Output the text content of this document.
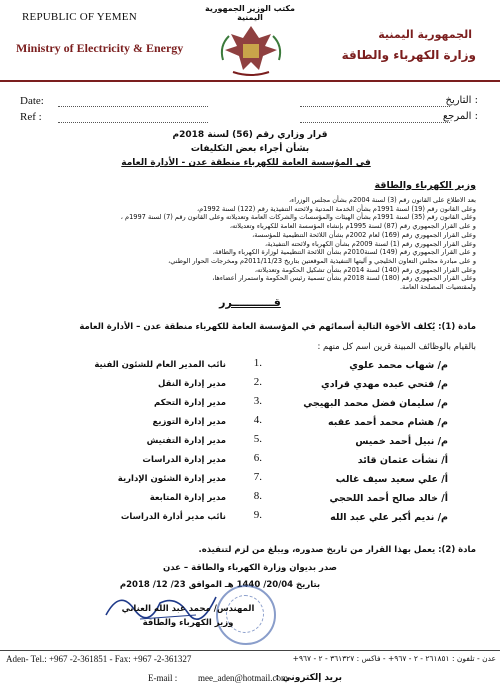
REPUBLIC OF YEMEN
Ministry of Electricity & Energy
مكتب الوزير الجمهورية اليمنية
الجمهورية اليمنية
وزارة الكهرباء والطاقة
Date:	: التاريخ
Ref :	: المرجع
قرار وزاري رقم (56) لسنة 2018م
بشأن أجراء بعض التكليفات
في المؤسسة العامة للكهرباء منطقة عدن - الأدارة العامة
وزير الكهرباء والطاقة
بعد الاطلاع على القانون رقم (3) لسنة 2004م بشأن مجلس الوزراء،
وعلى القانون رقم (19) لسنة 1991م بشأن الخدمة المدنية ولائحته التنفيذية رقم (122) لسنة 1992م،
وعلى القانون رقم (35) لسنة 1991م بشأن الهيئات والمؤسسات والشركات العامة وتعديلاته وعلى القانون رقم (7) لسنة 1997م ،
و على القرار الجمهوري رقم (87) لسنة 1995م بإنشاء المؤسسة العامة للكهرباء وتعديلاته،
وعلى القرار الجمهوري رقم (169) لعام 2002م بشأن اللائحة التنظيمية للمؤسسة،
وعلى القرار الجمهوري رقم (1) لسنة 2009م بشأن الكهرباء ولائحته التنفيذية،
و على القرار الجمهوري رقم (149) لسنة2010م بشأن اللائحة التنظيمية لوزارة الكهرباء والطاقة،
و على مبادرة مجلس التعاون الخليجي و آليتها التنفيذية الموقعتين بتاريخ 2011/11/23م ومخرجات الحوار الوطني،
وعلى القرار الجمهوري رقم (140) لسنة 2014م بشأن تشكيل الحكومة وتعديلاته،
وعلى القرار الجمهوري رقم (180) لسنة 2018م بشأن تسمية رئيس الحكومة واستمرار أعضاءها،
ولمقتضيات المصلحة العامة.
قـــــــــــرر
مادة (1): يُكلف الأخوة التالية أسمائهم في المؤسسة العامة للكهرباء منطقة عدن – الأدارة العامة
بالقيام بالوظائف المبينة قرين اسم كل منهم :
1.	م/ شهاب محمد علوي
نائب المدير العام للشئون الفنية
2.	م/ فتحي عبده مهدي قرادي
مدير إدارة النقل
3.	م/ سليمان فضل محمد البهيجي
مدير إدارة التحكم
4.	م/ هشام محمد أحمد عقبه
مدير إدارة التوزيع
5.	م/ نبيل أحمد خميس
مدير إدارة التفتيش
6.	أ/ نشأت عثمان قائد
مدير إدارة الدراسات
7.	أ/ علي سعيد سيف غالب
مدير إدارة الشئون الإدارية
8.	أ/ خالد صالح أحمد اللحجي
مدير إدارة المتابعة
9.	م/ نديم أكبر علي عبد الله
نائب مدير أدارة الدراسات
مادة (2): يعمل بهذا القرار من تاريخ صدوره، ويبلغ من لزم لتنفيذه.
صدر بديوان وزارة الكهرباء والطاقة – عدن
بتاريخ 20/04/ 1440 هـ الموافق 23/ 12/ 2018م
المهندس/ محمد عبد الله العناني
وزير الكهرباء والطاقة
Aden- Tel.: +967 -2-361851 - Fax: +967 -2-361327	عدن - تلفون : ٢٦١٨٥١ - ٢ - ٩٦٧+ - فاكس : ٣٦١٣٢٧ - ٢ - ٩٦٧+
E-mail : mee_aden@hotmail.com
بريد إلكتروني :
